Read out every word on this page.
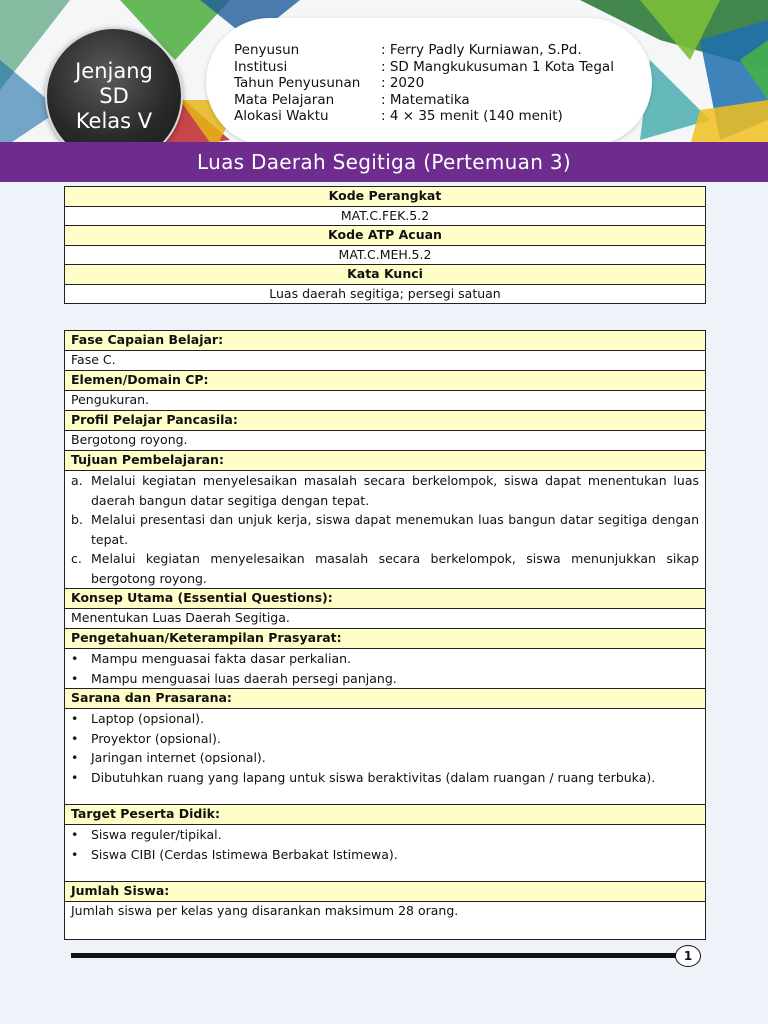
Jenjang
SD
Kelas V
Penyusun	: Ferry Padly Kurniawan, S.Pd.
Institusi	: SD Mangkukusuman 1 Kota Tegal
Tahun Penyusunan	: 2020
Mata Pelajaran	: Matematika
Alokasi Waktu	: 4 × 35 menit (140 menit)
Luas Daerah Segitiga (Pertemuan 3)
Kode Perangkat
MAT.C.FEK.5.2
Kode ATP Acuan
MAT.C.MEH.5.2
Kata Kunci
Luas daerah segitiga; persegi satuan
Fase Capaian Belajar:
Fase C.
Elemen/Domain CP:
Pengukuran.
Profil Pelajar Pancasila:
Bergotong royong.
Tujuan Pembelajaran:

a. Melalui kegiatan menyelesaikan masalah secara berkelompok, siswa dapat menentukan luas daerah bangun datar segitiga dengan tepat.
b. Melalui presentasi dan unjuk kerja, siswa dapat menemukan luas bangun datar segitiga dengan tepat.
c. Melalui kegiatan menyelesaikan masalah secara berkelompok, siswa menunjukkan sikap bergotong royong.

Konsep Utama (Essential Questions):
Menentukan Luas Daerah Segitiga.
Pengetahuan/Keterampilan Prasyarat:

•	Mampu menguasai fakta dasar perkalian.
•	Mampu menguasai luas daerah persegi panjang.

Sarana dan Prasarana:

•	Laptop (opsional).
•	Proyektor (opsional).
•	Jaringan internet (opsional).
•	Dibutuhkan ruang yang lapang untuk siswa beraktivitas (dalam ruangan / ruang terbuka).

Target Peserta Didik:

•	Siswa reguler/tipikal.
•	Siswa CIBI (Cerdas Istimewa Berbakat Istimewa).

Jumlah Siswa:
Jumlah siswa per kelas yang disarankan maksimum 28 orang.
1
